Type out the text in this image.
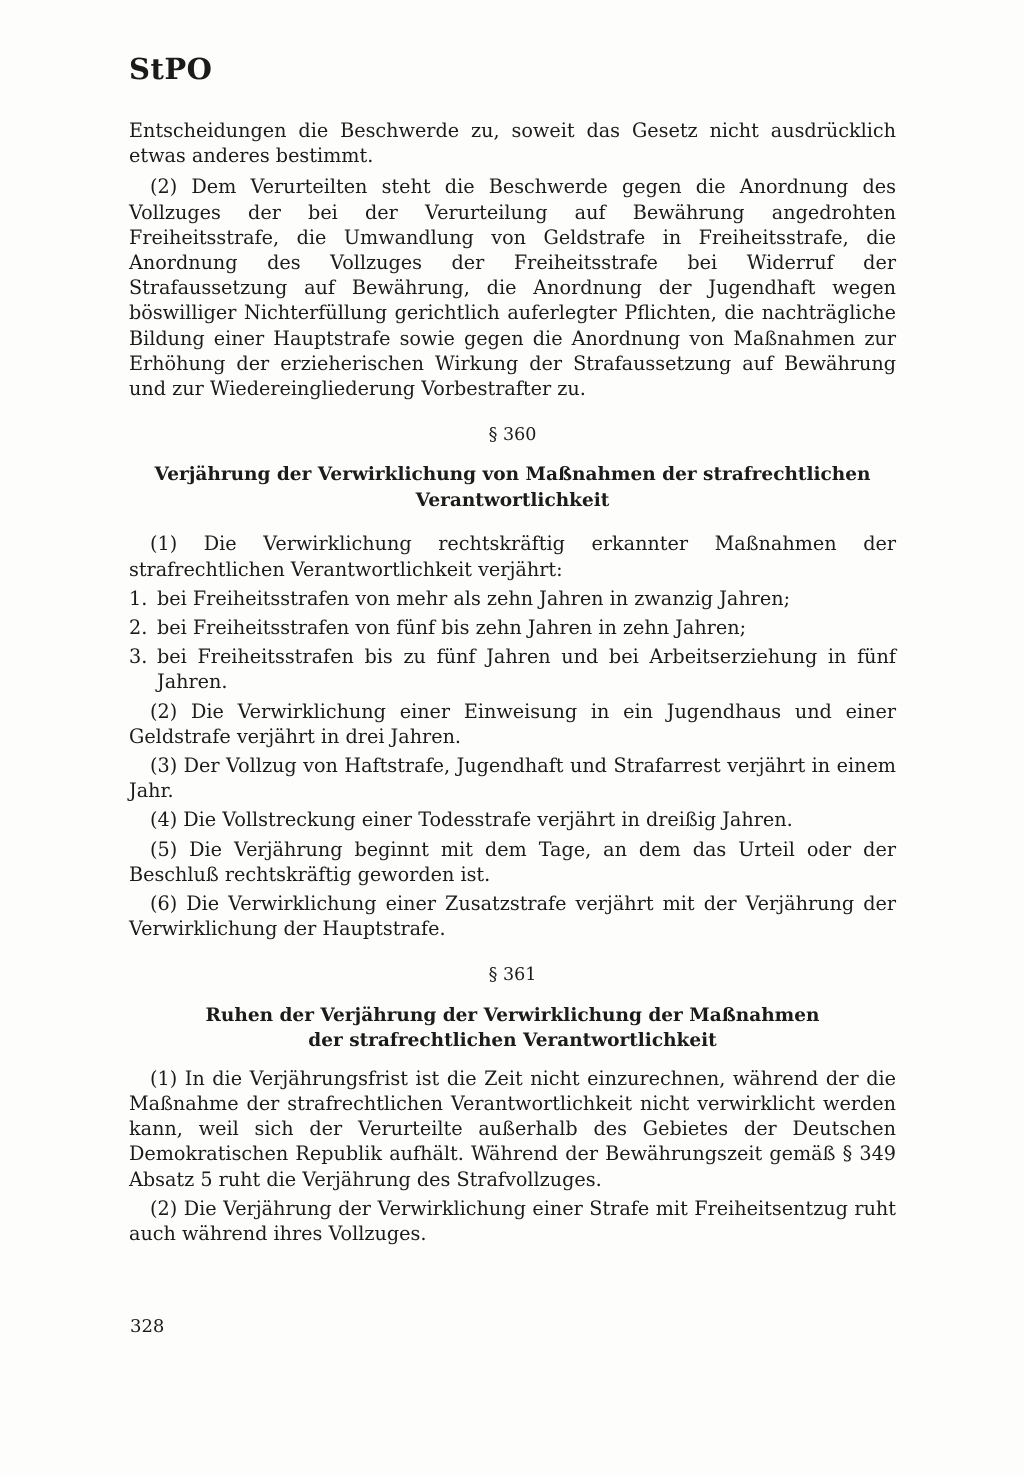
StPO

Entscheidungen die Beschwerde zu, soweit das Gesetz nicht ausdrücklich etwas anderes bestimmt.

(2) Dem Verurteilten steht die Beschwerde gegen die Anordnung des Vollzuges der bei der Verurteilung auf Bewährung angedrohten Freiheitsstrafe, die Umwandlung von Geldstrafe in Freiheitsstrafe, die Anordnung des Vollzuges der Freiheitsstrafe bei Widerruf der Strafaussetzung auf Bewährung, die Anordnung der Jugendhaft wegen böswilliger Nichterfüllung gerichtlich auferlegter Pflichten, die nachträgliche Bildung einer Hauptstrafe sowie gegen die Anordnung von Maßnahmen zur Erhöhung der erzieherischen Wirkung der Strafaussetzung auf Bewährung und zur Wiedereingliederung Vorbestrafter zu.

§ 360
Verjährung der Verwirklichung von Maßnahmen der strafrechtlichen
Verantwortlichkeit

(1) Die Verwirklichung rechtskräftig erkannter Maßnahmen der strafrechtlichen Verantwortlichkeit verjährt:

1. bei Freiheitsstrafen von mehr als zehn Jahren in zwanzig Jahren;
2. bei Freiheitsstrafen von fünf bis zehn Jahren in zehn Jahren;
3. bei Freiheitsstrafen bis zu fünf Jahren und bei Arbeitserziehung in fünf Jahren.

(2) Die Verwirklichung einer Einweisung in ein Jugendhaus und einer Geldstrafe verjährt in drei Jahren.

(3) Der Vollzug von Haftstrafe, Jugendhaft und Strafarrest verjährt in einem Jahr.

(4) Die Vollstreckung einer Todesstrafe verjährt in dreißig Jahren.

(5) Die Verjährung beginnt mit dem Tage, an dem das Urteil oder der Beschluß rechtskräftig geworden ist.

(6) Die Verwirklichung einer Zusatzstrafe verjährt mit der Verjährung der Verwirklichung der Hauptstrafe.

§ 361
Ruhen der Verjährung der Verwirklichung der Maßnahmen
der strafrechtlichen Verantwortlichkeit

(1) In die Verjährungsfrist ist die Zeit nicht einzurechnen, während der die Maßnahme der strafrechtlichen Verantwortlichkeit nicht verwirklicht werden kann, weil sich der Verurteilte außerhalb des Gebietes der Deutschen Demokratischen Republik aufhält. Während der Bewährungszeit gemäß § 349 Absatz 5 ruht die Verjährung des Strafvollzuges.

(2) Die Verjährung der Verwirklichung einer Strafe mit Freiheitsentzug ruht auch während ihres Vollzuges.

328
